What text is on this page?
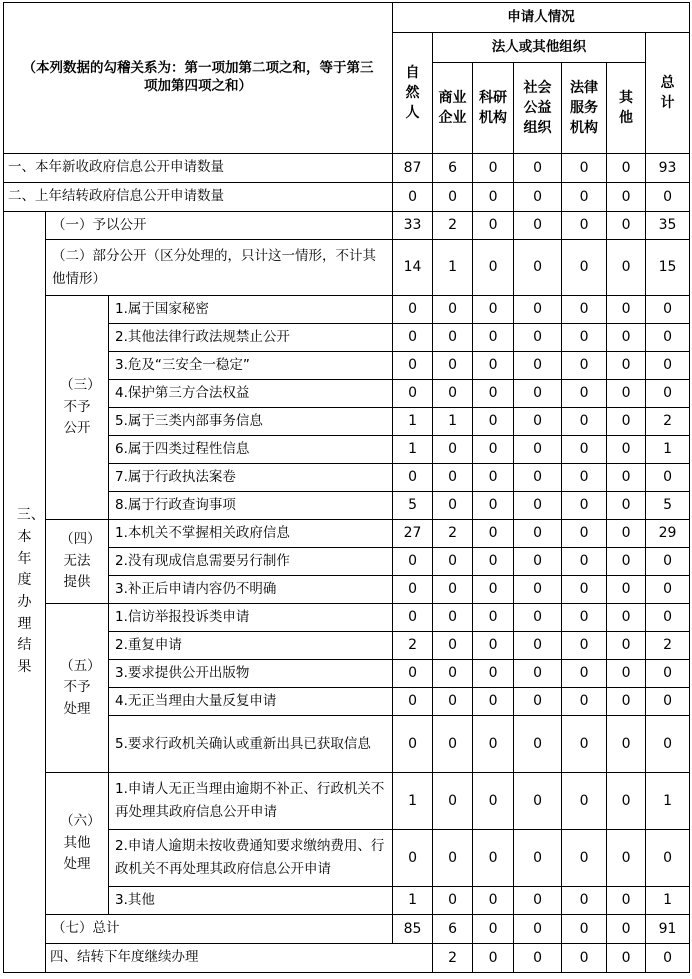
（本列数据的勾稽关系为：第一项加第二项之和，等于第三项加第四项之和）			申请人情况							

			自然人	法人或其他组织					总计	

				商业企业	科研机构	社会公益组织	法律服务机构	其他		

一、本年新收政府信息公开申请数量			87	6	0	0	0	0	93	
二、上年结转政府信息公开申请数量			0	0	0	0	0	0	0	

三、本年度办理结果	（一）予以公开		33	2	0	0	0	0	35	
	（二）部分公开（区分处理的，只计这一情形，不计其他情形）		14	1	0	0	0	0	15	

	（三）不予公开	1.属于国家秘密	0	0	0	0	0	0	0	
		2.其他法律行政法规禁止公开	0	0	0	0	0	0	0	
		3.危及“三安全一稳定”	0	0	0	0	0	0	0	
		4.保护第三方合法权益	0	0	0	0	0	0	0	
		5.属于三类内部事务信息	1	1	0	0	0	0	2	
		6.属于四类过程性信息	1	0	0	0	0	0	1	
		7.属于行政执法案卷	0	0	0	0	0	0	0	
		8.属于行政查询事项	5	0	0	0	0	0	5	

	（四）无法提供	1.本机关不掌握相关政府信息	27	2	0	0	0	0	29	
		2.没有现成信息需要另行制作	0	0	0	0	0	0	0	
		3.补正后申请内容仍不明确	0	0	0	0	0	0	0	

	（五）不予处理	1.信访举报投诉类申请	0	0	0	0	0	0	0	
		2.重复申请	2	0	0	0	0	0	2	
		3.要求提供公开出版物	0	0	0	0	0	0	0	
		4.无正当理由大量反复申请	0	0	0	0	0	0	0	
		5.要求行政机关确认或重新出具已获取信息	0	0	0	0	0	0	0	

	（六）其他处理	1.申请人无正当理由逾期不补正、行政机关不再处理其政府信息公开申请	1	0	0	0	0	0	1	
		2.申请人逾期未按收费通知要求缴纳费用、行政机关不再处理其政府信息公开申请	0	0	0	0	0	0	0	
		3.其他	1	0	0	0	0	0	1	
	（七）总计		85	6	0	0	0	0	91	
	四、结转下年度继续办理			2	0	0	0	0	0	
